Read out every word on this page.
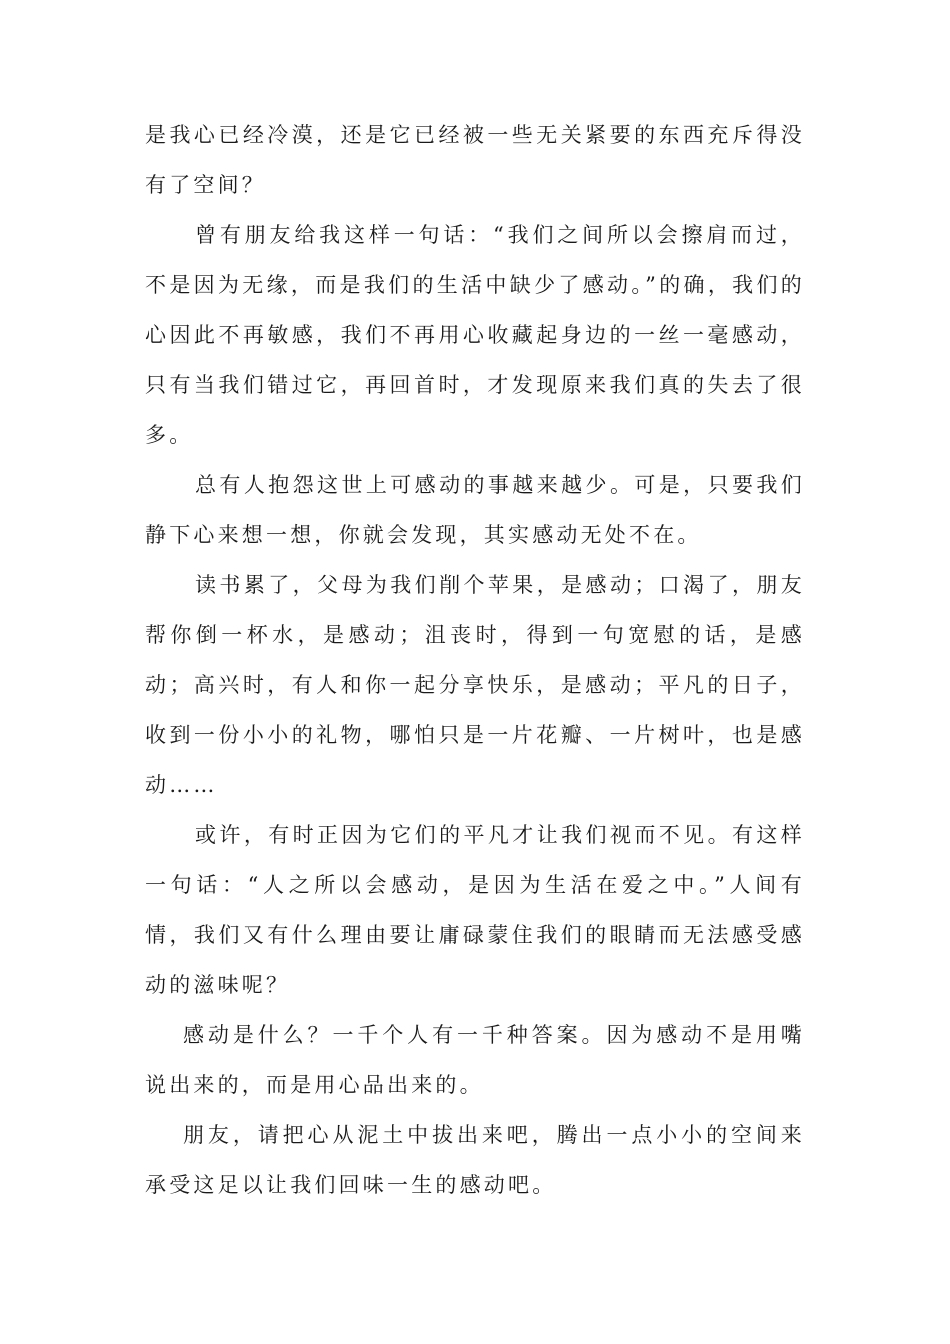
是我心已经冷漠，还是它已经被一些无关紧要的东西充斥得没有了空间？

曾有朋友给我这样一句话：“我们之间所以会擦肩而过，不是因为无缘，而是我们的生活中缺少了感动。”的确，我们的心因此不再敏感，我们不再用心收藏起身边的一丝一毫感动，只有当我们错过它，再回首时，才发现原来我们真的失去了很多。

总有人抱怨这世上可感动的事越来越少。可是，只要我们静下心来想一想，你就会发现，其实感动无处不在。

读书累了，父母为我们削个苹果，是感动；口渴了，朋友帮你倒一杯水，是感动；沮丧时，得到一句宽慰的话，是感动；高兴时，有人和你一起分享快乐，是感动；平凡的日子，收到一份小小的礼物，哪怕只是一片花瓣、一片树叶，也是感动……

或许，有时正因为它们的平凡才让我们视而不见。有这样一句话：“人之所以会感动，是因为生活在爱之中。”人间有情，我们又有什么理由要让庸碌蒙住我们的眼睛而无法感受感动的滋味呢？

感动是什么？一千个人有一千种答案。因为感动不是用嘴说出来的，而是用心品出来的。

朋友，请把心从泥土中拔出来吧，腾出一点小小的空间来承受这足以让我们回味一生的感动吧。
